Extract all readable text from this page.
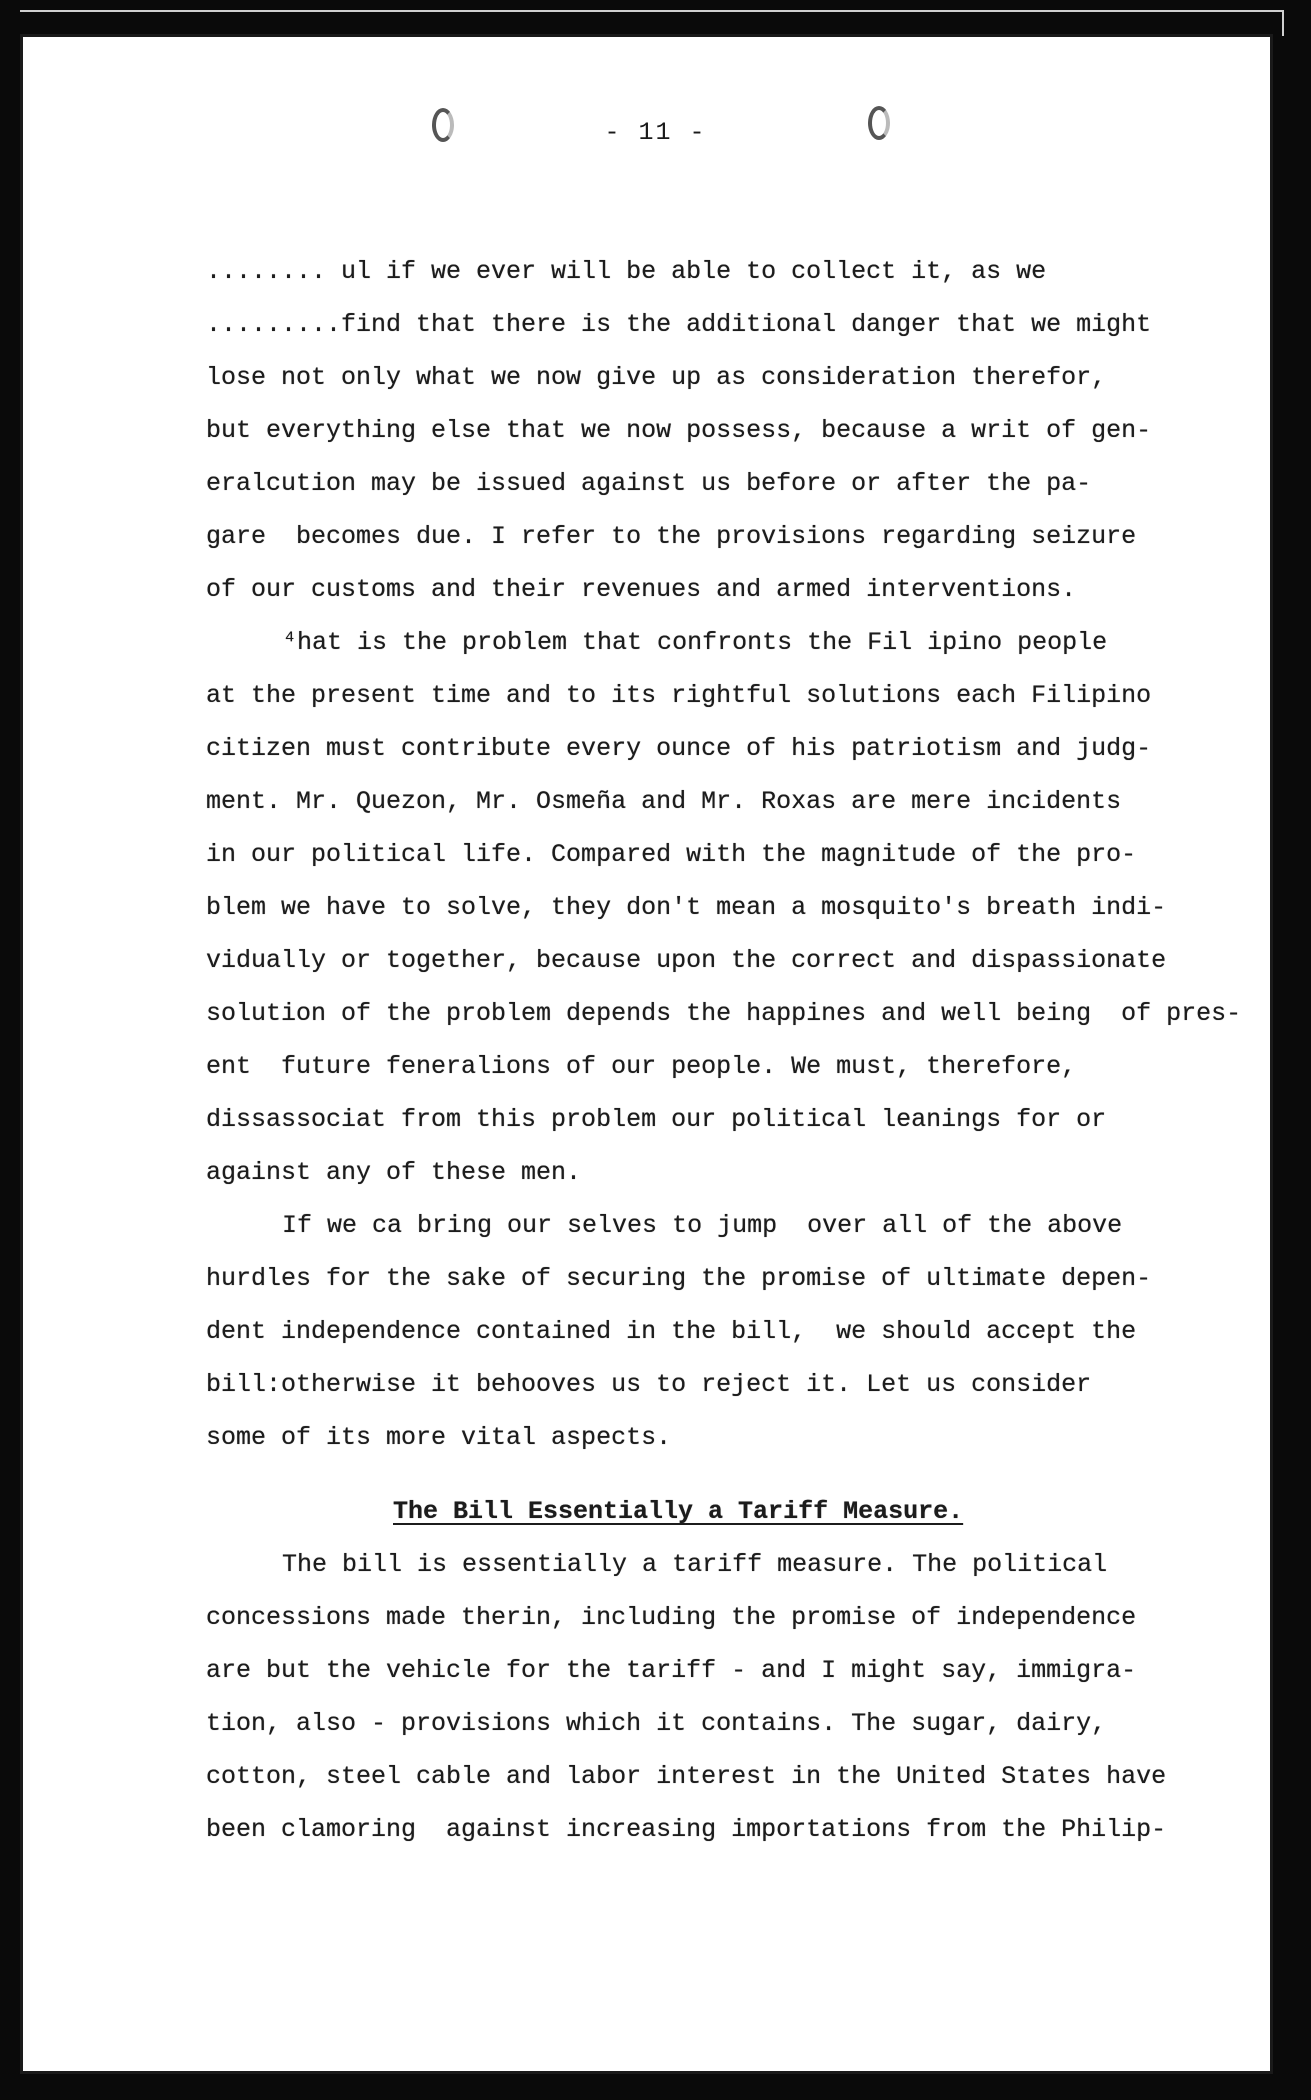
- 11 -
........ ul if we ever will be able to collect it, as we
.........find that there is the additional danger that we might
lose not only what we now give up as consideration therefor,
but everything else that we now possess, because a writ of gen-
eralcution may be issued against us before or after the pa-
gare  becomes due. I refer to the provisions regarding seizure
of our customs and their revenues and armed interventions.
⁴hat is the problem that confronts the Fil ipino people
at the present time and to its rightful solutions each Filipino
citizen must contribute every ounce of his patriotism and judg-
ment. Mr. Quezon, Mr. Osmeña and Mr. Roxas are mere incidents
in our political life. Compared with the magnitude of the pro-
blem we have to solve, they don't mean a mosquito's breath indi-
vidually or together, because upon the correct and dispassionate
solution of the problem depends the happines and well being  of pres-
ent  future feneralions of our people. We must, therefore,
dissassociat from this problem our political leanings for or
against any of these men.
If we ca bring our selves to jump  over all of the above
hurdles for the sake of securing the promise of ultimate depen-
dent independence contained in the bill,  we should accept the
bill:otherwise it behooves us to reject it. Let us consider
some of its more vital aspects.
The Bill Essentially a Tariff Measure.
The bill is essentially a tariff measure. The political
concessions made therin, including the promise of independence
are but the vehicle for the tariff - and I might say, immigra-
tion, also - provisions which it contains. The sugar, dairy,
cotton, steel cable and labor interest in the United States have
been clamoring  against increasing importations from the Philip-
